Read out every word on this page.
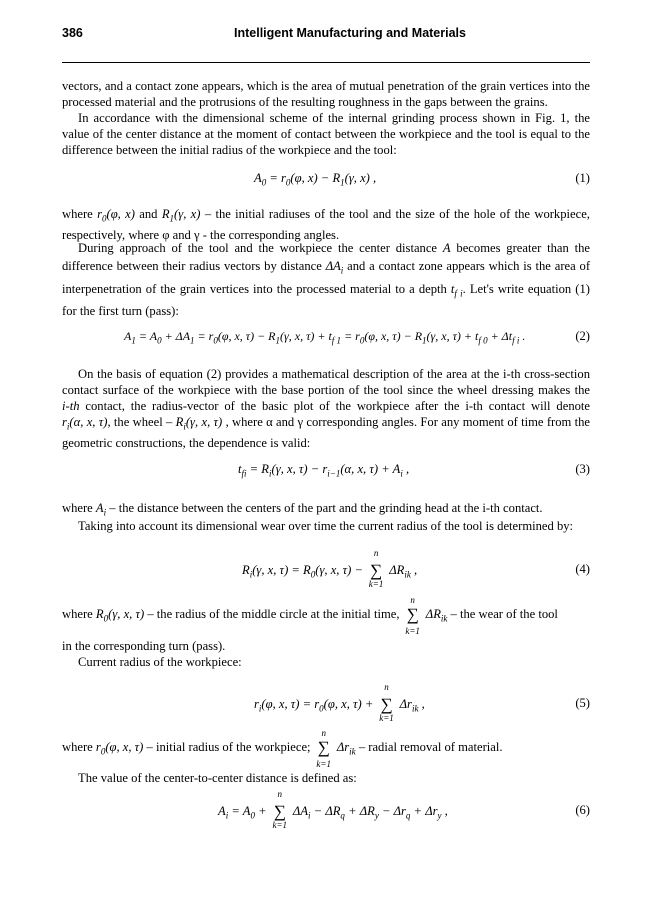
386	Intelligent Manufacturing and Materials
vectors, and a contact zone appears, which is the area of mutual penetration of the grain vertices into the processed material and the protrusions of the resulting roughness in the gaps between the grains.
In accordance with the dimensional scheme of the internal grinding process shown in Fig. 1, the value of the center distance at the moment of contact between the workpiece and the tool is equal to the difference between the initial radius of the workpiece and the tool:
$A_0 = r_0(\varphi$, $x) - R_1(\gamma$, x) ,	(1)
where $r_0(\varphi$, x) and $R_1(\gamma$, x) – the initial radiuses of the tool and the size of the hole of the workpiece, respectively, where φ and γ - the corresponding angles.
During approach of the tool and the workpiece the center distance A becomes greater than the difference between their radius vectors by distance $\Delta A_i$ and a contact zone appears which is the area of interpenetration of the grain vertices into the processed material to a depth $t_{f i}$. Let's write equation (1) for the first turn (pass):
$A_1 = A_0 + \Delta A_1 = r_0(\varphi$, x, $\tau) - R_1(\gamma$, x, $\tau) + t_{f 1} = r_0(\varphi$, x, $\tau) - R_1(\gamma$, x, $\tau) + t_{f 0} + \Delta t_{f i}$ .	(2)
On the basis of equation (2) provides a mathematical description of the area at the i-th cross-section contact surface of the workpiece with the base portion of the tool since the wheel dressing makes the i-th contact, the radius-vector of the basic plot of the workpiece after the i-th contact will denote $r_i(\alpha$, x, τ), the wheel – $R_i(\gamma$, x, τ) , where α and γ corresponding angles. For any moment of time from the geometric constructions, the dependence is valid:
$t_{fi} = R_i(\gamma$, x, $\tau) - r_{i-1}(\alpha$, x, $\tau) + A_i$ ,	(3)
where $A_i$ – the distance between the centers of the part and the grinding head at the i-th contact.
Taking into account its dimensional wear over time the current radius of the tool is determined by:
$R_i(\gamma$, x, $\tau) = R_0(\gamma$, x, τ) −
n
∑
k=1
$\Delta R_{ik}$ ,	(4)
where $R_0(\gamma$, x, τ) – the radius of the middle circle at the initial time,
n
∑
k=1
$\Delta R_{ik}$ – the wear of the tool
in the corresponding turn (pass).
Current radius of the workpiece:
$r_i(\varphi$, x, $\tau) = r_0(\varphi$, x, τ) +
n
∑
k=1
$\Delta r_{ik}$ ,	(5)
where $r_0(\varphi$, x, τ) – initial radius of the workpiece;
n
∑
k=1
$\Delta r_{ik}$ – radial removal of material.
The value of the center-to-center distance is defined as:
$A_i = A_0$ +
n
∑
k=1
$\Delta A_i - \Delta R_q + \Delta R_y - \Delta r_q + \Delta r_y$ ,	(6)
